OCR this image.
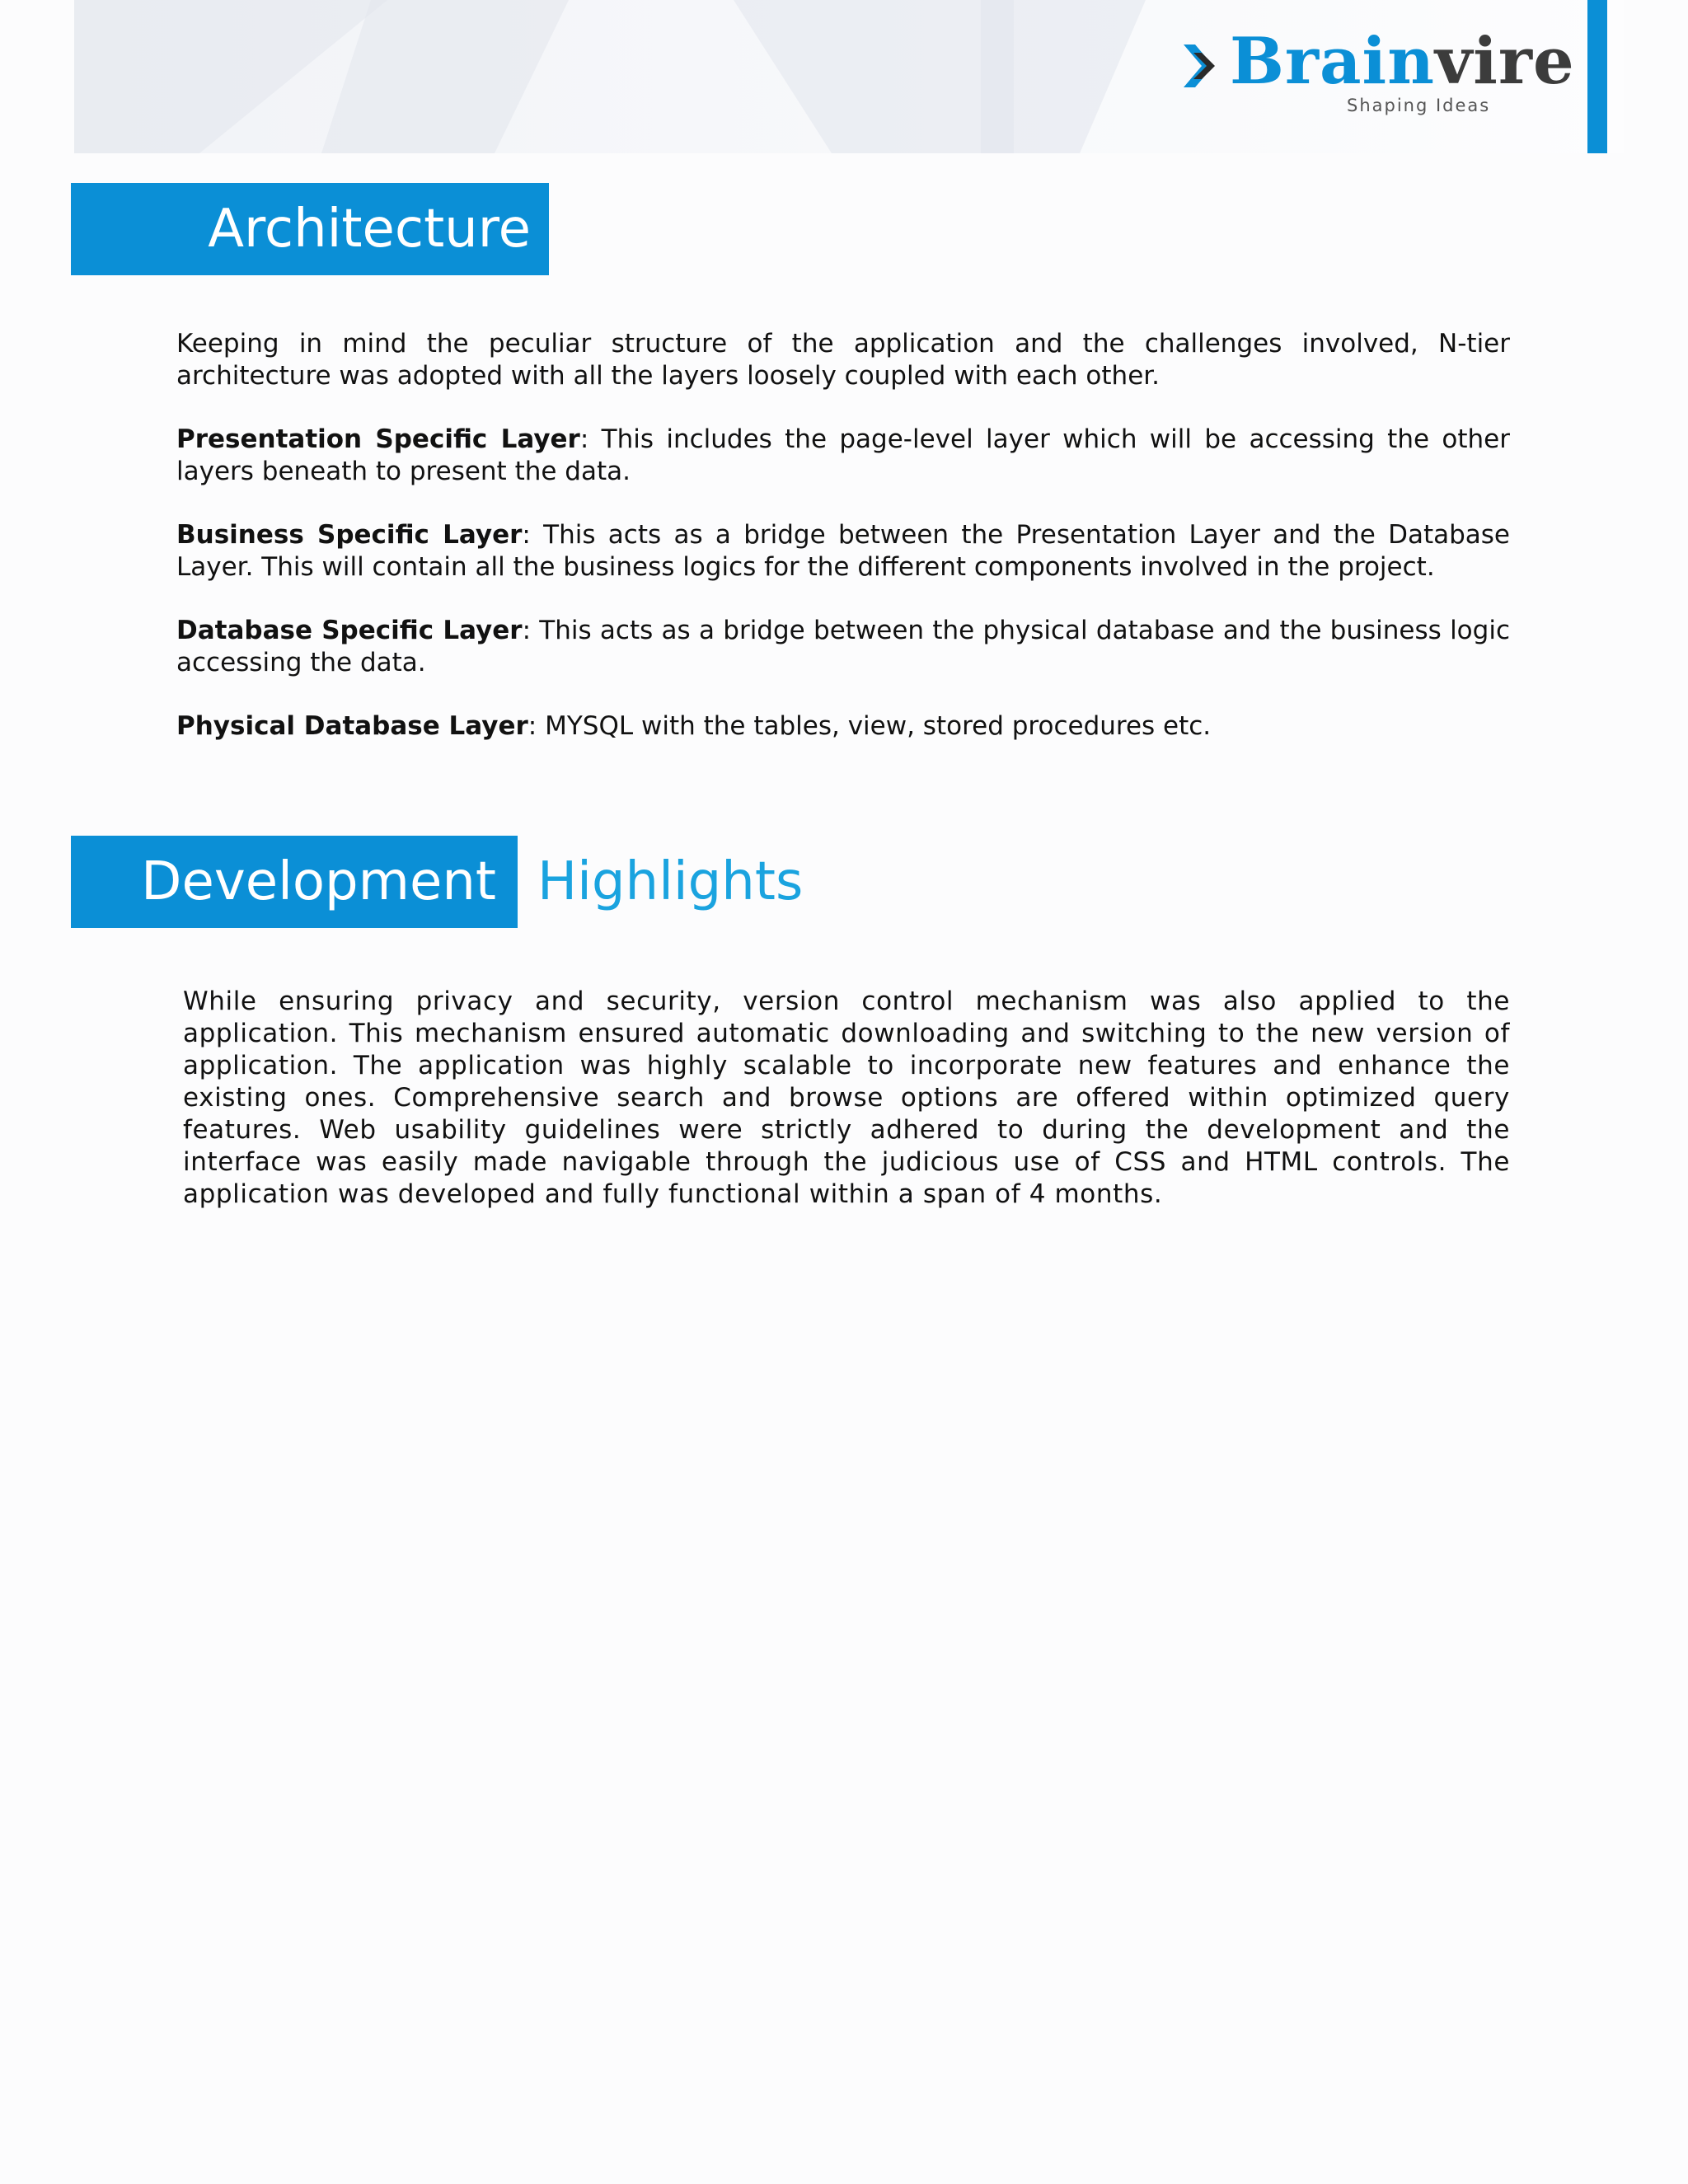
Brainvire
Shaping Ideas
Architecture

Keeping in mind the peculiar structure of the application and the challenges involved, N-tier architecture was adopted with all the layers loosely coupled with each other.

Presentation Specific Layer: This includes the page-level layer which will be accessing the other layers beneath to present the data.

Business Specific Layer: This acts as a bridge between the Presentation Layer and the Database Layer. This will contain all the business logics for the different components involved in the project.

Database Specific Layer: This acts as a bridge between the physical database and the business logic accessing the data.

Physical Database Layer: MYSQL with the tables, view, stored procedures etc.

Development Highlights

While ensuring privacy and security, version control mechanism was also applied to the application. This mechanism ensured automatic downloading and switching to the new version of application. The application was highly scalable to incorporate new features and enhance the existing ones. Comprehensive search and browse options are offered within optimized query features. Web usability guidelines were strictly adhered to during the development and the interface was easily made navigable through the judicious use of CSS and HTML controls. The application was developed and fully functional within a span of 4 months.
